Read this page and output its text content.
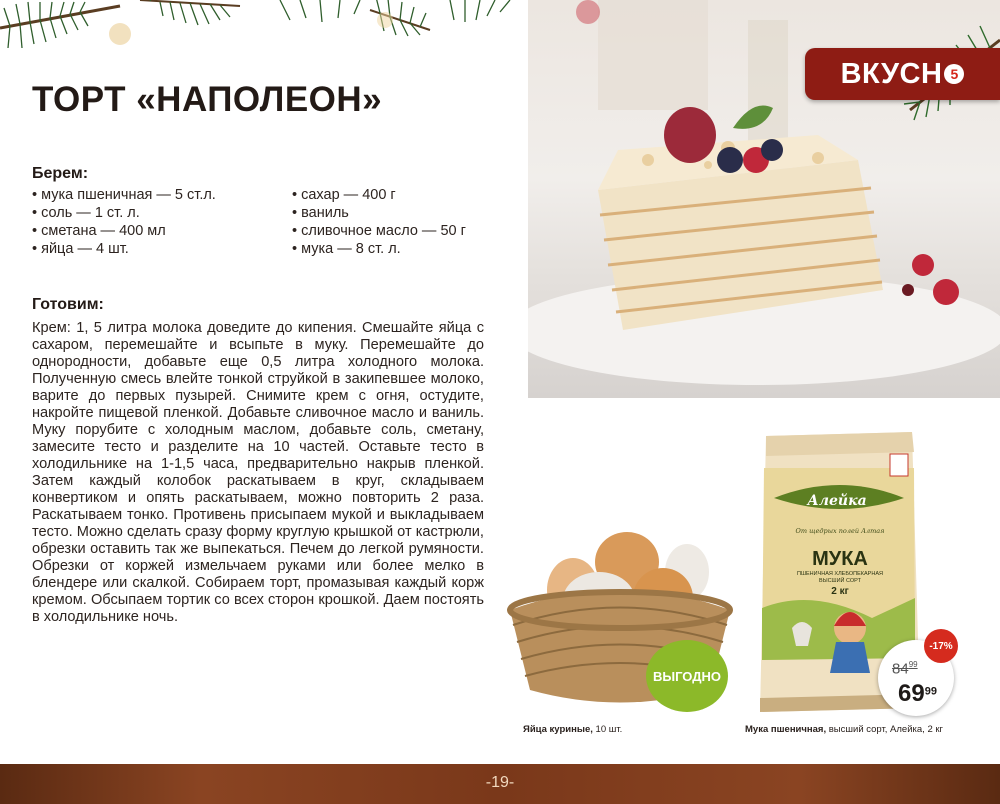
ТОРТ «НАПОЛЕОН»
Берем:
• мука пшеничная — 5 ст.л.
• соль — 1 ст. л.
• сметана — 400 мл
• яйца — 4 шт.
• сахар — 400 г
• ваниль
• сливочное масло — 50 г
• мука — 8 ст. л.
Готовим:

Крем: 1, 5 литра молока доведите до кипения. Смешайте яйца с сахаром, перемешайте и всыпьте в муку. Перемешайте до однородности, добавьте еще 0,5 литра холодного молока. Полученную смесь влейте тонкой струйкой в закипевшее молоко, варите до первых пузырей. Снимите крем с огня, остудите, накройте пищевой пленкой. Добавьте сливочное масло и ваниль. Муку порубите с холодным маслом, добавьте соль, сметану, замесите тесто и разделите на 10 частей. Оставьте тесто в холодильнике на 1-1,5 часа, предварительно накрыв пленкой. Затем каждый колобок раскатываем в круг, складываем конвертиком и опять раскатываем, можно повторить 2 раза. Раскатываем тонко. Противень присыпаем мукой и выкладываем тесто. Можно сделать сразу форму круглую крышкой от кастрюли, обрезки оставить так же выпекаться. Печем до легкой румяности. Обрезки от коржей измельчаем руками или более мелко в блендере или скалкой. Собираем торт, промазывая каждый корж кремом. Обсыпаем тортик со всех сторон крошкой. Даем постоять в холодильнике ночь.

ВКУСН 5
ВЫГОДНО
Алейка
От щедрых полей Алтая
МУКА
ПШЕНИЧНАЯ ХЛЕБОПЕКАРНАЯ
ВЫСШИЙ СОРТ
2 кг
-17%
$84^{99}$
$69^{99}$
Яйца куриные, 10 шт.	Мука пшеничная, высший сорт, Алейка, 2 кг
-19-
